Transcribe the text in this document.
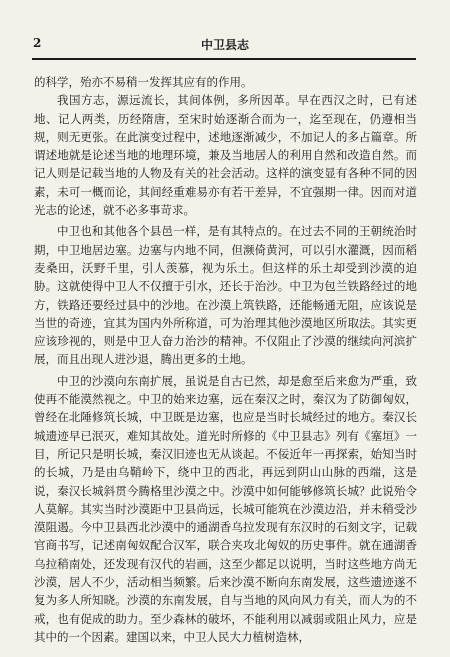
2	中卫县志

的科学，殆亦不易稍一发挥其应有的作用。

我国方志，源远流长，其间体例，多所因革。早在西汉之时，已有述地、记人两类，历经隋唐，至宋时始逐渐合而为一，迄至现在，仍遵相当规，则无更张。在此演变过程中，述地逐渐减少，不加记人的多占篇章。所谓述地就是论述当地的地理环境，兼及当地居人的利用自然和改造自然。而记人则是记载当地的人物及有关的社会活动。这样的演变显有各种不同的因素，未可一概而论，其间经重难易亦有若干差异，不宜强期一律。因而对道光志的论述，就不必多事苛求。

中卫也和其他各个县邑一样，是有其特点的。在过去不同的王朝统治时期，中卫地居边塞。边塞与内地不同，但濒倚黄河，可以引水灌溉，因而稻麦桑田，沃野千里，引人羡慕，视为乐土。但这样的乐土却受到沙漠的迫胁。这就使得中卫人不仅擅于引水，还长于治沙。中卫为包兰铁路经过的地方，铁路还要经过县中的沙地。在沙漠上筑铁路，还能畅通无阻，应该说是当世的奇迹，宜其为国内外所称道，可为治理其他沙漠地区所取法。其实更应该珍视的，则是中卫人奋力治沙的精神。不仅阻止了沙漠的继续向河滨扩展，而且出现人进沙退，腾出更多的土地。

中卫的沙漠向东南扩展，虽说是自古已然，却是愈至后来愈为严重，致使再不能漠然视之。中卫的始来边塞，远在秦汉之时，秦汉为了防御匈奴，曾经在北陲修筑长城，中卫既是边塞，也应是当时长城经过的地方。秦汉长城遗迹早已泯灭，难知其故处。道光时所修的《中卫县志》列有《塞垣》一目，所记只是明长城，秦汉旧迹也无从谈起。不佞近年一再探索，始知当时的长城，乃是由乌鞘岭下，绕中卫的西北，再远到阴山山脉的西端，这是说，秦汉长城斜贯今腾格里沙漠之中。沙漠中如何能够修筑长城？此说殆令人莫解。其实当时沙漠距中卫县尚远，长城可能筑在沙漠边沿，并未稍受沙漠阻遏。今中卫县西北沙漠中的通湖香乌拉发现有东汉时的石刻文字，记载官商书写，记述南匈奴配合汉军，联合夹攻北匈奴的历史事件。就在通湖香乌拉稍南处，还发现有汉代的岩画，这至少都足以说明，当时这些地方尚无沙漠，居人不少，活动相当频繁。后来沙漠不断向东南发展，这些遗迹遂不复为多人所知晓。沙漠的东南发展，自与当地的风向风力有关，而人为的不戒，也有促成的助力。至少森林的破坏，不能利用以减弱或阻止风力，应是其中的一个因素。建国以来，中卫人民大力植树造林，
